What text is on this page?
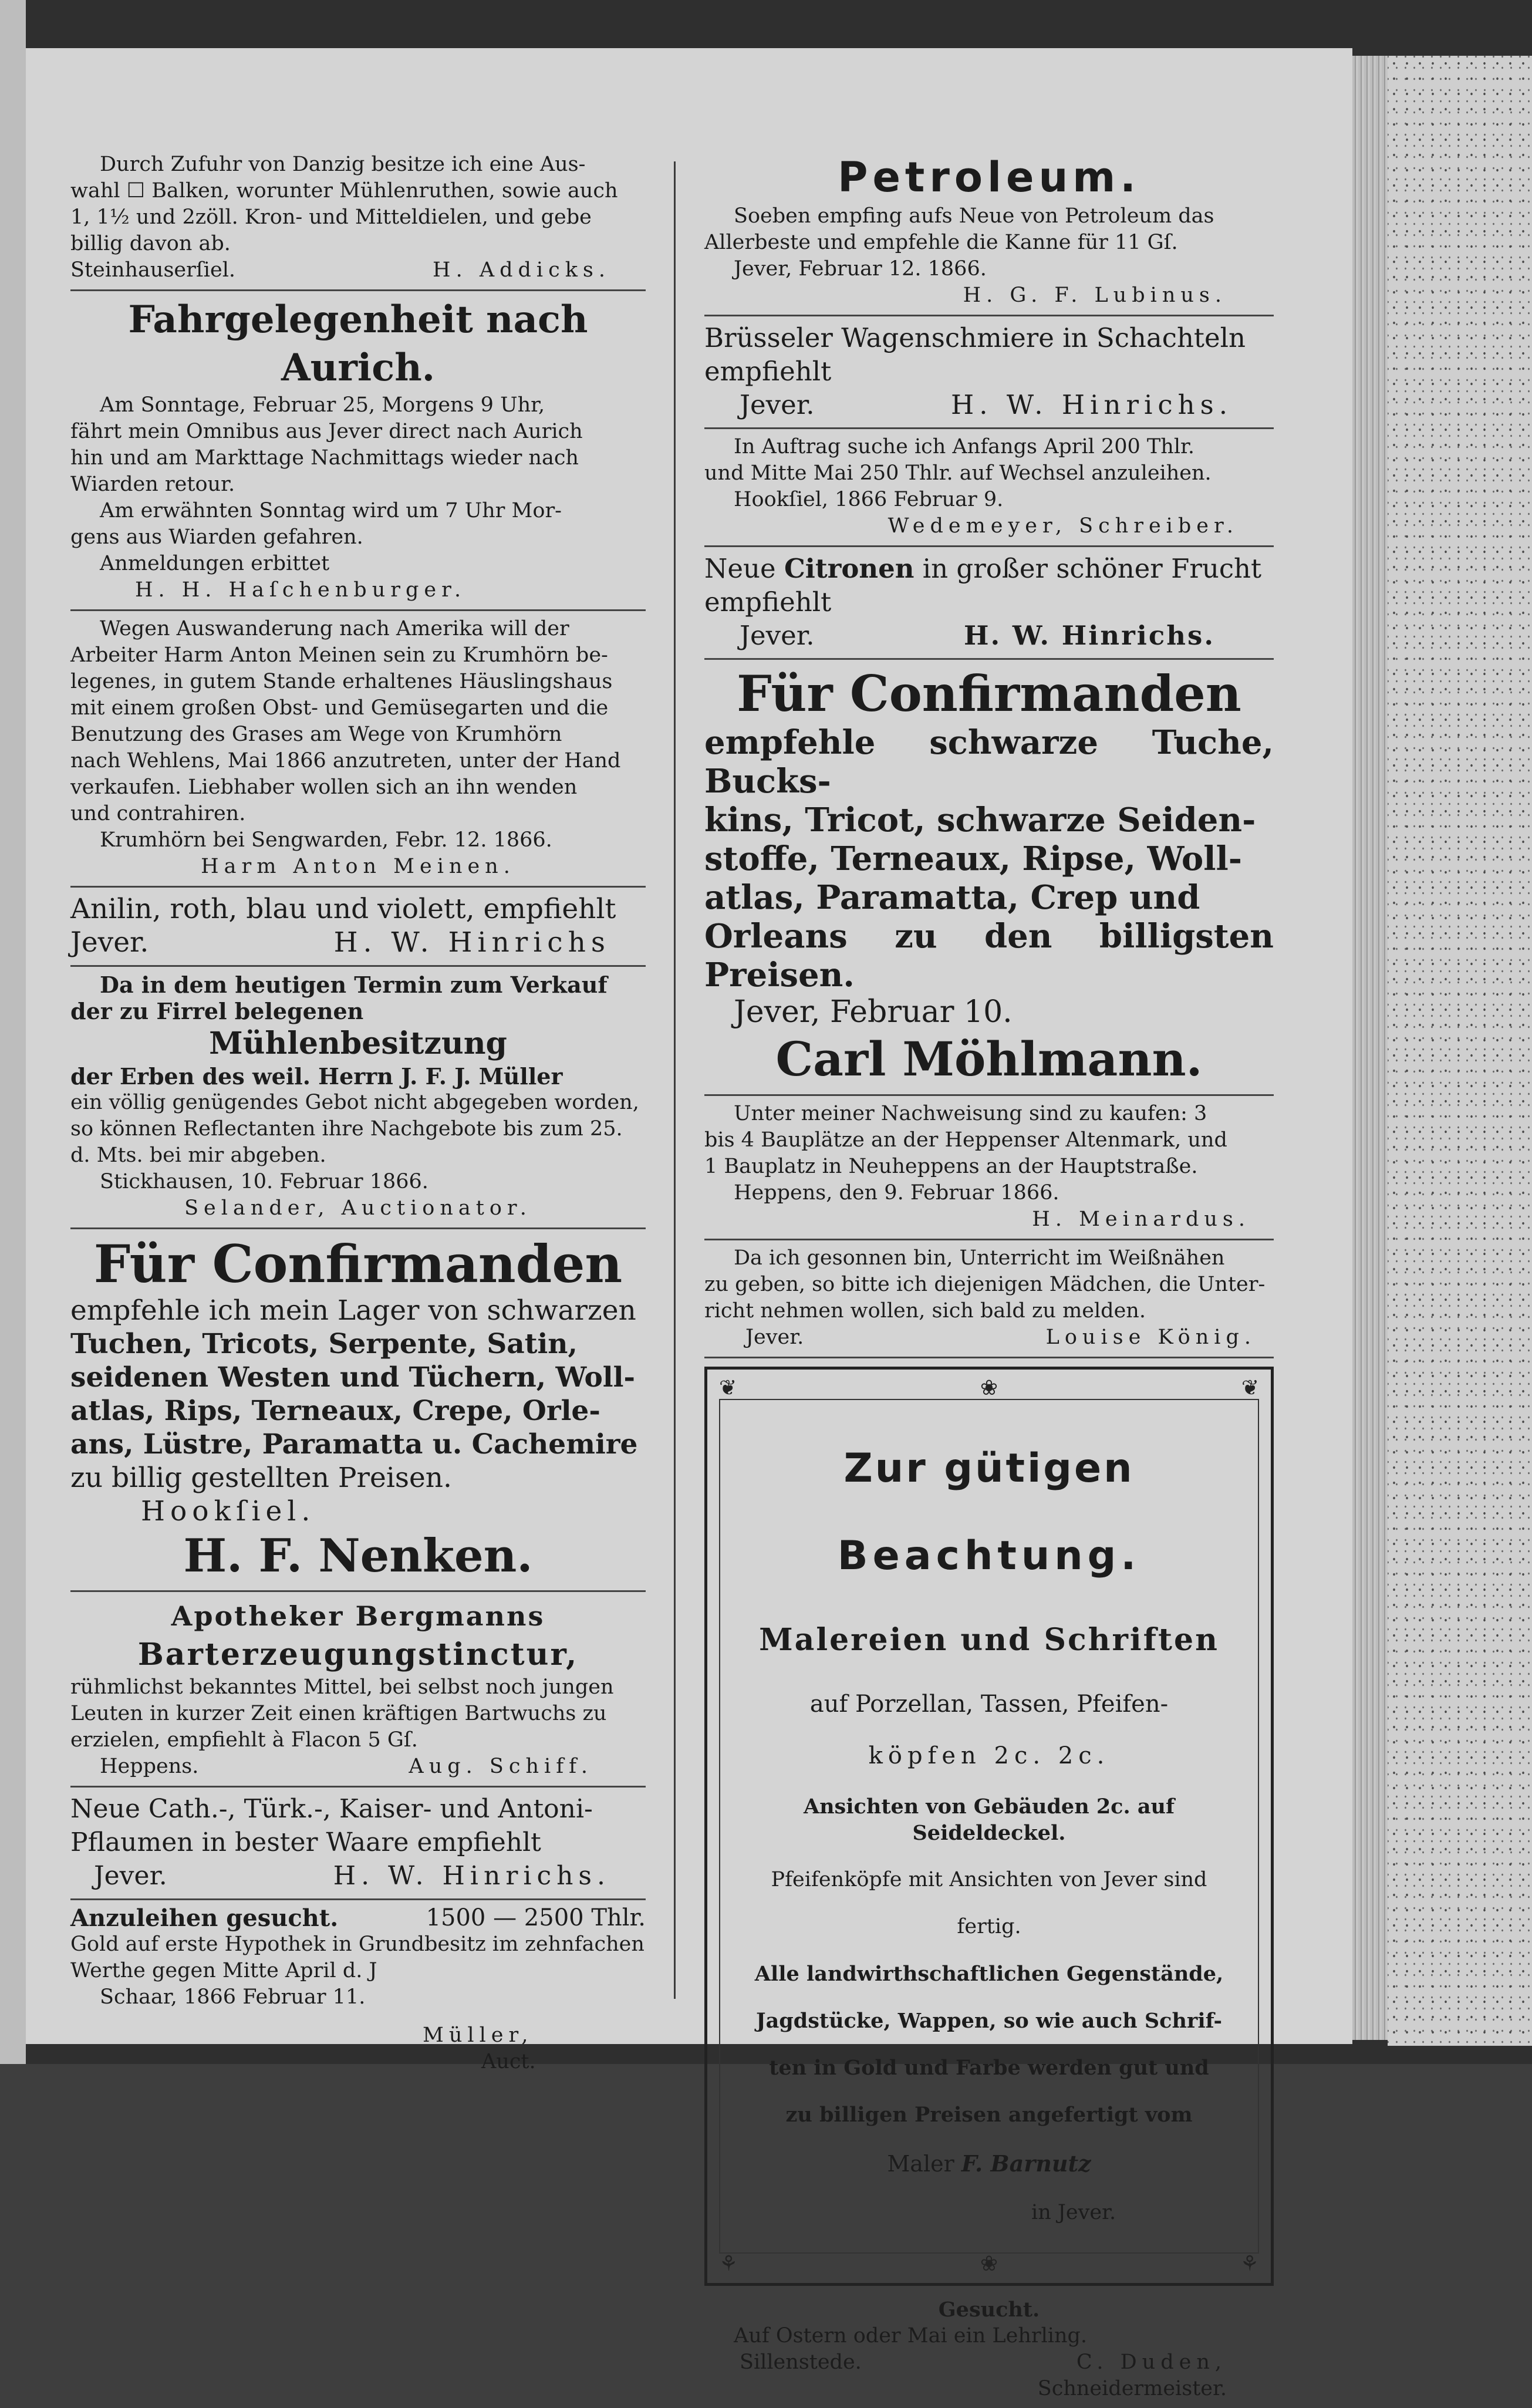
Durch Zufuhr von Danzig besitze ich eine Aus-

wahl ☐ Balken, worunter Mühlenruthen, sowie auch

1, 1½ und 2zöll. Kron- und Mitteldielen, und gebe

billig davon ab.

Steinhauserſiel.	H. Addicks.

Fahrgelegenheit nach Aurich.

Am Sonntage, Februar 25, Morgens 9 Uhr,

fährt mein Omnibus aus Jever direct nach Aurich

hin und am Markttage Nachmittags wieder nach

Wiarden retour.

Am erwähnten Sonntag wird um 7 Uhr Mor-

gens aus Wiarden gefahren.

Anmeldungen erbittet

H. H. Haſchenburger.

Wegen Auswanderung nach Amerika will der

Arbeiter Harm Anton Meinen sein zu Krumhörn be-

legenes, in gutem Stande erhaltenes Häuslingshaus

mit einem großen Obst- und Gemüsegarten und die

Benutzung des Grases am Wege von Krumhörn

nach Wehlens, Mai 1866 anzutreten, unter der Hand

verkaufen. Liebhaber wollen sich an ihn wenden

und contrahiren.

Krumhörn bei Sengwarden, Febr. 12. 1866.

Harm Anton Meinen.

Anilin, roth, blau und violett, empfiehlt

Jever.	H. W. Hinrichs

Da in dem heutigen Termin zum Verkauf

der zu Firrel belegenen

Mühlenbesitzung

der Erben des weil. Herrn J. F. J. Müller

ein völlig genügendes Gebot nicht abgegeben worden,

so können Reflectanten ihre Nachgebote bis zum 25.

d. Mts. bei mir abgeben.

Stickhausen, 10. Februar 1866.

Selander, Auctionator.

Für Confirmanden

empfehle ich mein Lager von schwarzen

Tuchen, Tricots, Serpente, Satin,

seidenen Westen und Tüchern, Woll-

atlas, Rips, Terneaux, Crepe, Orle-

ans, Lüstre, Paramatta u. Cachemire

zu billig gestellten Preisen.

Hookſiel.

H. F. Nenken.

Apotheker Bergmanns

Barterzeugungstinctur,

rühmlichst bekanntes Mittel, bei selbst noch jungen

Leuten in kurzer Zeit einen kräftigen Bartwuchs zu

erzielen, empfiehlt à Flacon 5 Gſ.

Heppens.	Aug. Schiff.

Neue Cath.-, Türk.-, Kaiser- und Antoni-

Pflaumen in bester Waare empfiehlt

Jever.	H. W. Hinrichs.
Anzuleihen gesucht.	1500 — 2500 Thlr.

Gold auf erste Hypothek in Grundbesitz im zehnfachen

Werthe gegen Mitte April d. J

Schaar, 1866 Februar 11.

Müller,

Auct.

Petroleum.

Soeben empfing aufs Neue von Petroleum das

Allerbeste und empfehle die Kanne für 11 Gſ.

Jever, Februar 12. 1866.

H. G. F. Lubinus.

Brüsseler Wagenschmiere in Schachteln

empfiehlt

Jever.	H. W. Hinrichs.

In Auftrag suche ich Anfangs April 200 Thlr.

und Mitte Mai 250 Thlr. auf Wechsel anzuleihen.

Hookſiel, 1866 Februar 9.

Wedemeyer, Schreiber.

Neue Citronen in großer schöner Frucht

empfiehlt

Jever.	H. W. Hinrichs.

Für Confirmanden

empfehle schwarze Tuche, Bucks-

kins, Tricot, schwarze Seiden-

stoffe, Terneaux, Ripse, Woll-

atlas, Paramatta, Crep und

Orleans zu den billigsten Preisen.

Jever, Februar 10.

Carl Möhlmann.

Unter meiner Nachweisung sind zu kaufen: 3

bis 4 Bauplätze an der Heppenser Altenmark, und

1 Bauplatz in Neuheppens an der Hauptstraße.

Heppens, den 9. Februar 1866.

H. Meinardus.

Da ich gesonnen bin, Unterricht im Weißnähen

zu geben, so bitte ich diejenigen Mädchen, die Unter-

richt nehmen wollen, sich bald zu melden.

Jever.	Louise König.
❦	❀	❦

Zur gütigen

Beachtung.

Malereien und Schriften

auf Porzellan, Tassen, Pfeifen-

köpfen 2c. 2c.

Ansichten von Gebäuden 2c. auf Seideldeckel.

Pfeifenköpfe mit Ansichten von Jever sind

fertig.

Alle landwirthschaftlichen Gegenstände,

Jagdstücke, Wappen, so wie auch Schrif-

ten in Gold und Farbe werden gut und

zu billigen Preisen angefertigt vom

Maler F. Barnutz

in Jever.

⚘	❀	⚘

Gesucht.

Auf Ostern oder Mai ein Lehrling.

Sillenstede.	C. Duden,

Schneidermeister.
